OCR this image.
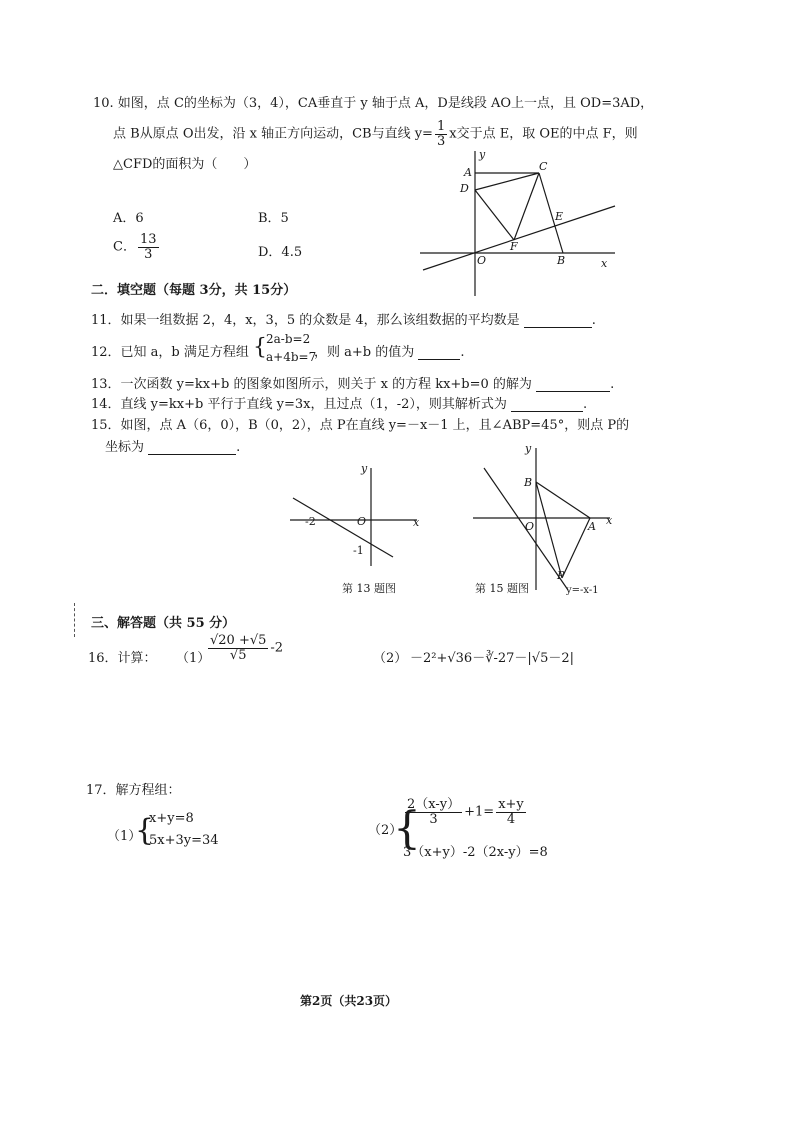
10. 如图，点 C的坐标为（3，4），CA垂直于 y 轴于点 A，D是线段 AO上一点，且 OD=3AD，
点 B从原点 O出发，沿 x 轴正方向运动，CB与直线 $y= \frac{1}{3}$ x交于点 E，取 OE的中点 F，则
△CFD的面积为（　　）
A．6	B．5
C． $\frac{13}{3}$	D．4.5
y
A	C
D
E
F
O	B	x
二．填空题（每题 3分，共 15分）
11．如果一组数据 2，4，x，3，5 的众数是 4，那么该组数据的平均数是	.
12．已知 a，b 满足方程组 { 2a-b=2
a+4b=7
，则 a+b 的值为	.
13．一次函数 y=kx+b 的图象如图所示，则关于 x 的方程 kx+b=0 的解为	.
14．直线 y=kx+b 平行于直线 y=3x，且过点（1，-2），则其解析式为	.
15．如图，点 A（6，0），B（0，2），点 P在直线 y=－x－1 上，且∠ABP=45°，则点 P的
坐标为	.
y
x
-2	O
-1
第 13 题图
y
B
O	A x
P
y=-x-1
第 15 题图
三、解答题（共 55 分）
16．计算： （1）
$\frac{√20 +√5}{√5} -2$
（2） －2²+√36－∛-27－|√5－2|
17．解方程组：
（1）
{
x+y=8
5x+3y=34
（2）
{
$\frac{2(x-y)}{3} +1= \frac{x+y}{4}$
3（x+y）-2（2x-y）=8
第2页（共23页）
